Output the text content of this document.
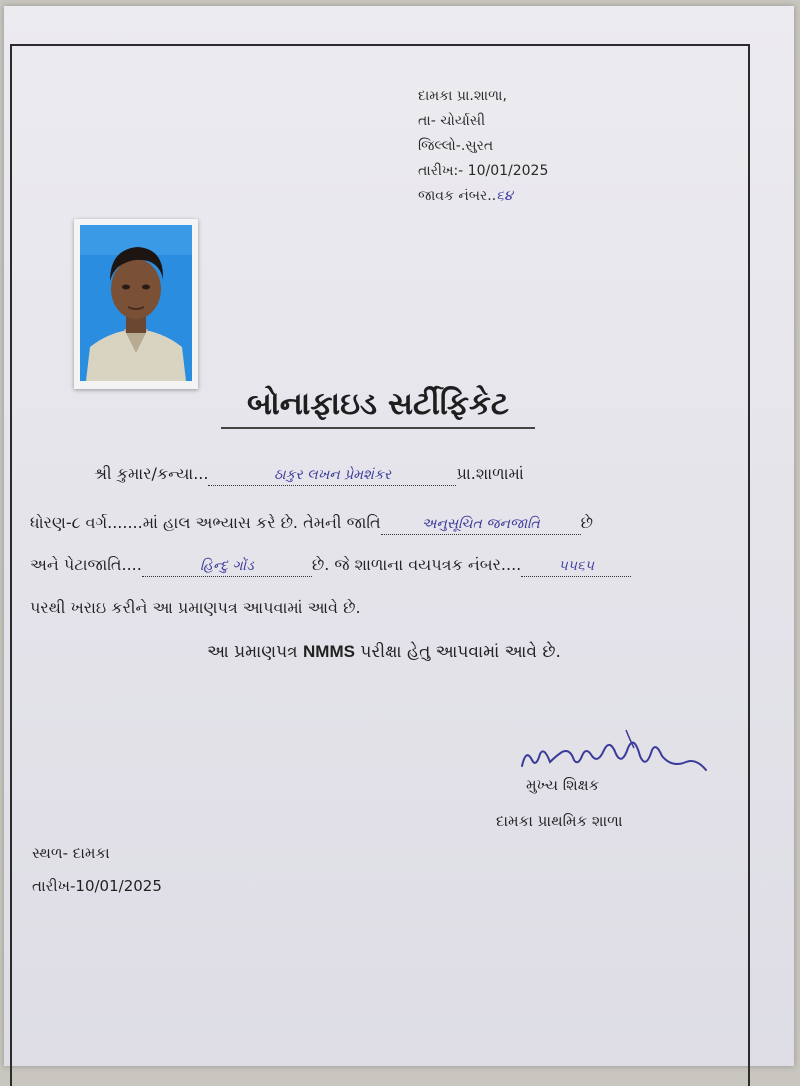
દામકા પ્રા.શાળા,
તા- ચોર્યાસી
જિલ્લો-.સુરત
તારીખ:- 10/01/2025
જાવક નંબર..૬૪
બોનાફાઇડ સર્ટીફિકેટ
શ્રી કુમાર/કન્યા...	ઠાકુર લખન પ્રેમશંકર	પ્રા.શાળામાં
ધોરણ-૮ વર્ગ.......માં હાલ અભ્યાસ કરે છે. તેમની જાતિ	અનુસૂચિત જનજાતિ	છે
અને પેટાજાતિ....	હિન્દુ ગોંડ	છે. જે શાળાના વયપત્રક નંબર....	૫૫૬૫
પરથી ખરાઇ કરીને આ પ્રમાણપત્ર આપવામાં આવે છે.
આ પ્રમાણપત્ર NMMS પરીક્ષા હેતુ આપવામાં આવે છે.
મુખ્ય શિક્ષક
દામકા પ્રાથમિક શાળા
સ્થળ- દામકા
તારીખ-10/01/2025
